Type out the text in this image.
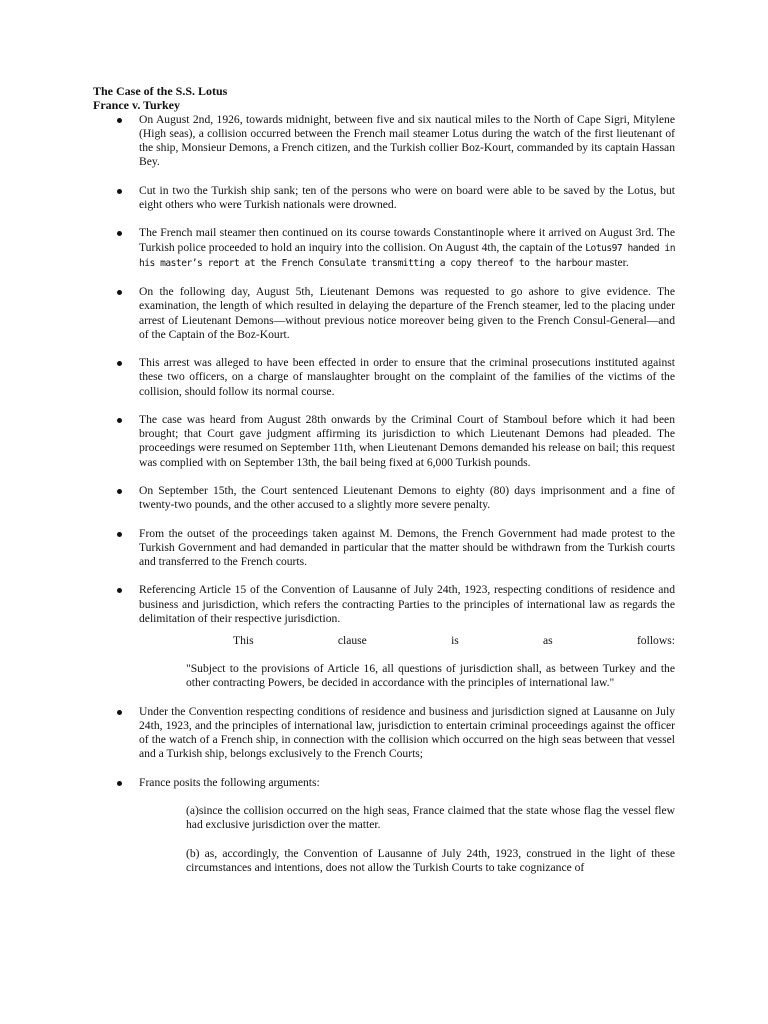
The Case of the S.S. Lotus

France v. Turkey

On August 2nd, 1926, towards midnight, between five and six nautical miles to the North of Cape Sigri, Mitylene (High seas), a collision occurred between the French mail steamer Lotus during the watch of the first lieutenant of the ship, Monsieur Demons, a French citizen, and the Turkish collier Boz-Kourt, commanded by its captain Hassan Bey.
Cut in two the Turkish ship sank; ten of the persons who were on board were able to be saved by the Lotus, but eight others who were Turkish nationals were drowned.
The French mail steamer then continued on its course towards Constantinople where it arrived on August 3rd. The Turkish police proceeded to hold an inquiry into the collision. On August 4th, the captain of the Lotus97 handed in his master’s report at the French Consulate transmitting a copy thereof to the harbour master.
On the following day, August 5th, Lieutenant Demons was requested to go ashore to give evidence. The examination, the length of which resulted in delaying the departure of the French steamer, led to the placing under arrest of Lieutenant Demons—without previous notice moreover being given to the French Consul-General—and of the Captain of the Boz-Kourt.
This arrest was alleged to have been effected in order to ensure that the criminal prosecutions instituted against these two officers, on a charge of manslaughter brought on the complaint of the families of the victims of the collision, should follow its normal course.
The case was heard from August 28th onwards by the Criminal Court of Stamboul before which it had been brought; that Court gave judgment affirming its jurisdiction to which Lieutenant Demons had pleaded. The proceedings were resumed on September 11th, when Lieutenant Demons demanded his release on bail; this request was complied with on September 13th, the bail being fixed at 6,000 Turkish pounds.
On September 15th, the Court sentenced Lieutenant Demons to eighty (80) days imprisonment and a fine of twenty-two pounds, and the other accused to a slightly more severe penalty.
From the outset of the proceedings taken against M. Demons, the French Government had made protest to the Turkish Government and had demanded in particular that the matter should be withdrawn from the Turkish courts and transferred to the French courts.
Referencing Article 15 of the Convention of Lausanne of July 24th, 1923, respecting conditions of residence and business and jurisdiction, which refers the contracting Parties to the principles of international law as regards the delimitation of their respective jurisdiction.
This	clause	is	as	follows:

"Subject to the provisions of Article 16, all questions of jurisdiction shall, as between Turkey and the other contracting Powers, be decided in accordance with the principles of international law."

Under the Convention respecting conditions of residence and business and jurisdiction signed at Lausanne on July 24th, 1923, and the principles of international law, jurisdiction to entertain criminal proceedings against the officer of the watch of a French ship, in connection with the collision which occurred on the high seas between that vessel and a Turkish ship, belongs exclusively to the French Courts;
France posits the following arguments:

(a)since the collision occurred on the high seas, France claimed that the state whose flag the vessel flew had exclusive jurisdiction over the matter.

(b) as, accordingly, the Convention of Lausanne of July 24th, 1923, construed in the light of these circumstances and intentions, does not allow the Turkish Courts to take cognizance of
